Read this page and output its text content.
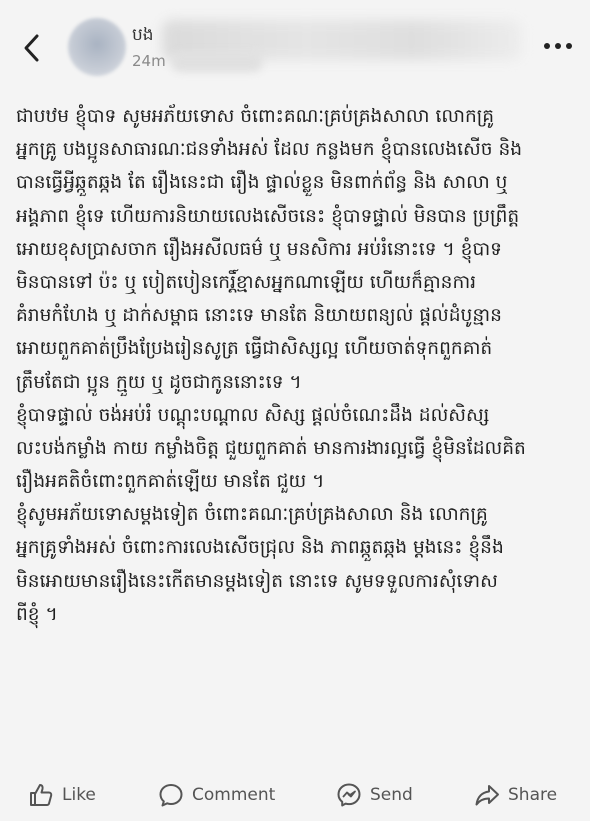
បង
24m
ជាបឋម ខ្ញុំបាទ សូមអភ័យទោស ចំពោះគណៈគ្រប់គ្រងសាលា លោកគ្រូ
អ្នកគ្រូ បងប្អូនសាធារណៈជនទាំងអស់ ដែល កន្លងមក ខ្ញុំបានលេងសើច និង
បានធ្វើអ្វីឆ្កួតឆ្កង តែ រឿងនេះជា រឿង ផ្ទាល់ខ្លួន មិនពាក់ព័ន្ធ និង សាលា ឬ
អង្គភាព ខ្ញុំទេ ហើយការនិយាយលេងសើចនេះ ខ្ញុំបាទផ្ទាល់ មិនបាន ប្រព្រឹត្ត
អោយខុសប្រាសចាក រឿងអសីលធម៌ ឬ មនសិការ អប់រំនោះទេ ។ ខ្ញុំបាទ
មិនបានទៅ ប៉ះ ឬ បៀតបៀនកេរ្តិ៍ខ្មាសអ្នកណាឡើយ ហើយក៏គ្មានការ
គំរាមកំហែង ឬ ដាក់សម្ពាធ នោះទេ មានតែ និយាយពន្យល់ ផ្តល់ដំបូន្មាន
អោយពួកគាត់ប្រឹងប្រែងរៀនសូត្រ ធ្វើជាសិស្សល្អ ហើយចាត់ទុកពួកគាត់
ត្រឹមតែជា ប្អូន ក្មួយ ឬ ដូចជាកូននោះទេ ។
ខ្ញុំបាទផ្ទាល់ ចង់អប់រំ បណ្តុះបណ្តាល សិស្ស ផ្តល់ចំណេះដឹង ដល់សិស្ស
លះបង់កម្លាំង កាយ កម្លាំងចិត្ត ជួយពួកគាត់ មានការងារល្អធ្វើ ខ្ញុំមិនដែលគិត
រឿងអគតិចំពោះពួកគាត់ឡើយ មានតែ ជួយ ។
ខ្ញុំសូមអភ័យទោសម្តងទៀត ចំពោះគណៈគ្រប់គ្រងសាលា និង លោកគ្រូ
អ្នកគ្រូទាំងអស់ ចំពោះការលេងសើចជ្រុល និង ភាពឆ្កួតឆ្កង ម្តងនេះ ខ្ញុំនឹង
មិនអោយមានរឿងនេះកើតមានម្តងទៀត នោះទេ សូមទទួលការសុំទោស
ពីខ្ញុំ ។
Like	Comment	Send	Share
